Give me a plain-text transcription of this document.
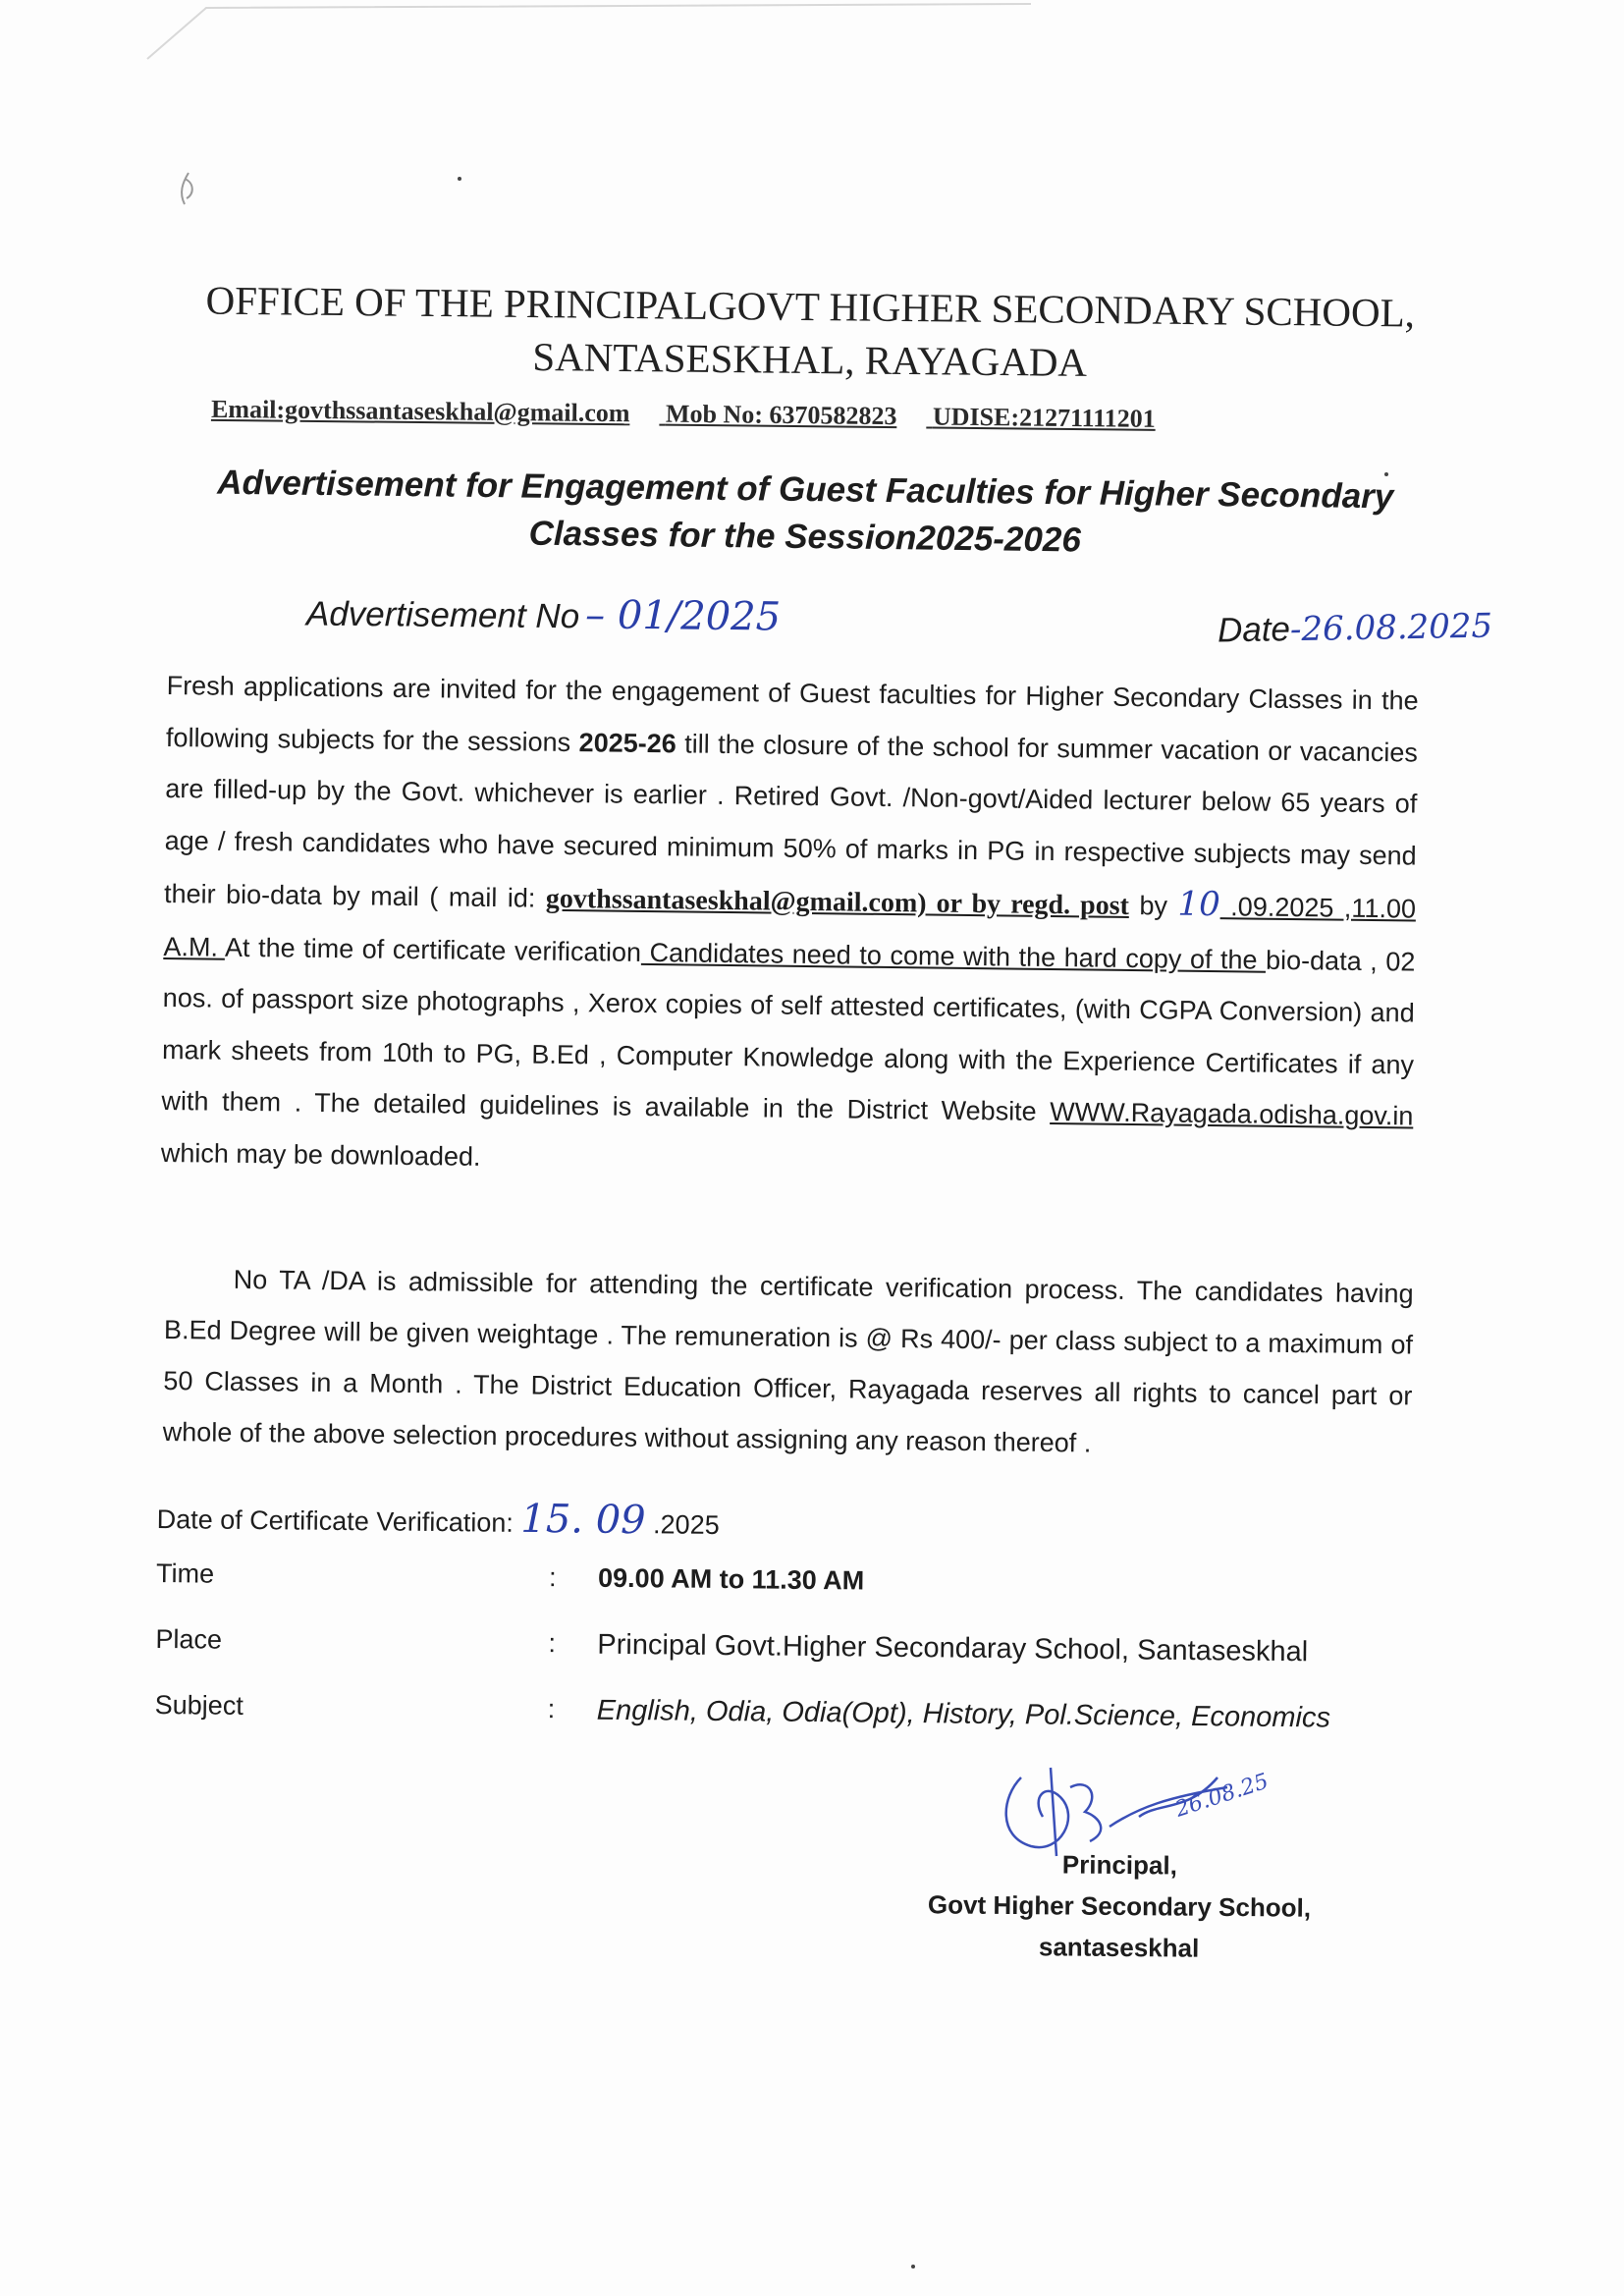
OFFICE OF THE PRINCIPALGOVT HIGHER SECONDARY SCHOOL,
SANTASESKHAL, RAYAGADA
Email:govthssantaseskhal@gmail.com Mob No: 6370582823 UDISE:21271111201
Advertisement for Engagement of Guest Faculties for Higher Secondary
Classes for the Session2025-2026
Advertisement No – 01/2025	Date-26.08.2025
Fresh applications are invited for the engagement of Guest faculties for Higher Secondary Classes in the following subjects for the sessions 2025-26 till the closure of the school for summer vacation or vacancies are filled-up by the Govt. whichever is earlier . Retired Govt. /Non-govt/Aided lecturer below 65 years of age / fresh candidates who have secured minimum 50% of marks in PG in respective subjects may send their bio-data by mail ( mail id: govthssantaseskhal@gmail.com) or by regd. post by 10 .09.2025 ,11.00 A.M. At the time of certificate verification Candidates need to come with the hard copy of the bio-data , 02 nos. of passport size photographs , Xerox copies of self attested certificates, (with CGPA Conversion) and mark sheets from 10th to PG, B.Ed , Computer Knowledge along with the Experience Certificates if any with them . The detailed guidelines is available in the District Website WWW.Rayagada.odisha.gov.in which may be downloaded.
No TA /DA is admissible for attending the certificate verification process. The candidates having B.Ed Degree will be given weightage . The remuneration is @ Rs 400/- per class subject to a maximum of 50 Classes in a Month . The District Education Officer, Rayagada reserves all rights to cancel part or whole of the above selection procedures without assigning any reason thereof .
Date of Certificate Verification: 15. 09 .2025
Time	: 09.00 AM to 11.30 AM
Place	: Principal Govt.Higher Secondaray School, Santaseskhal
Subject	: English, Odia, Odia(Opt), History, Pol.Science, Economics
26.08.25
Principal,
Govt Higher Secondary School,
santaseskhal
